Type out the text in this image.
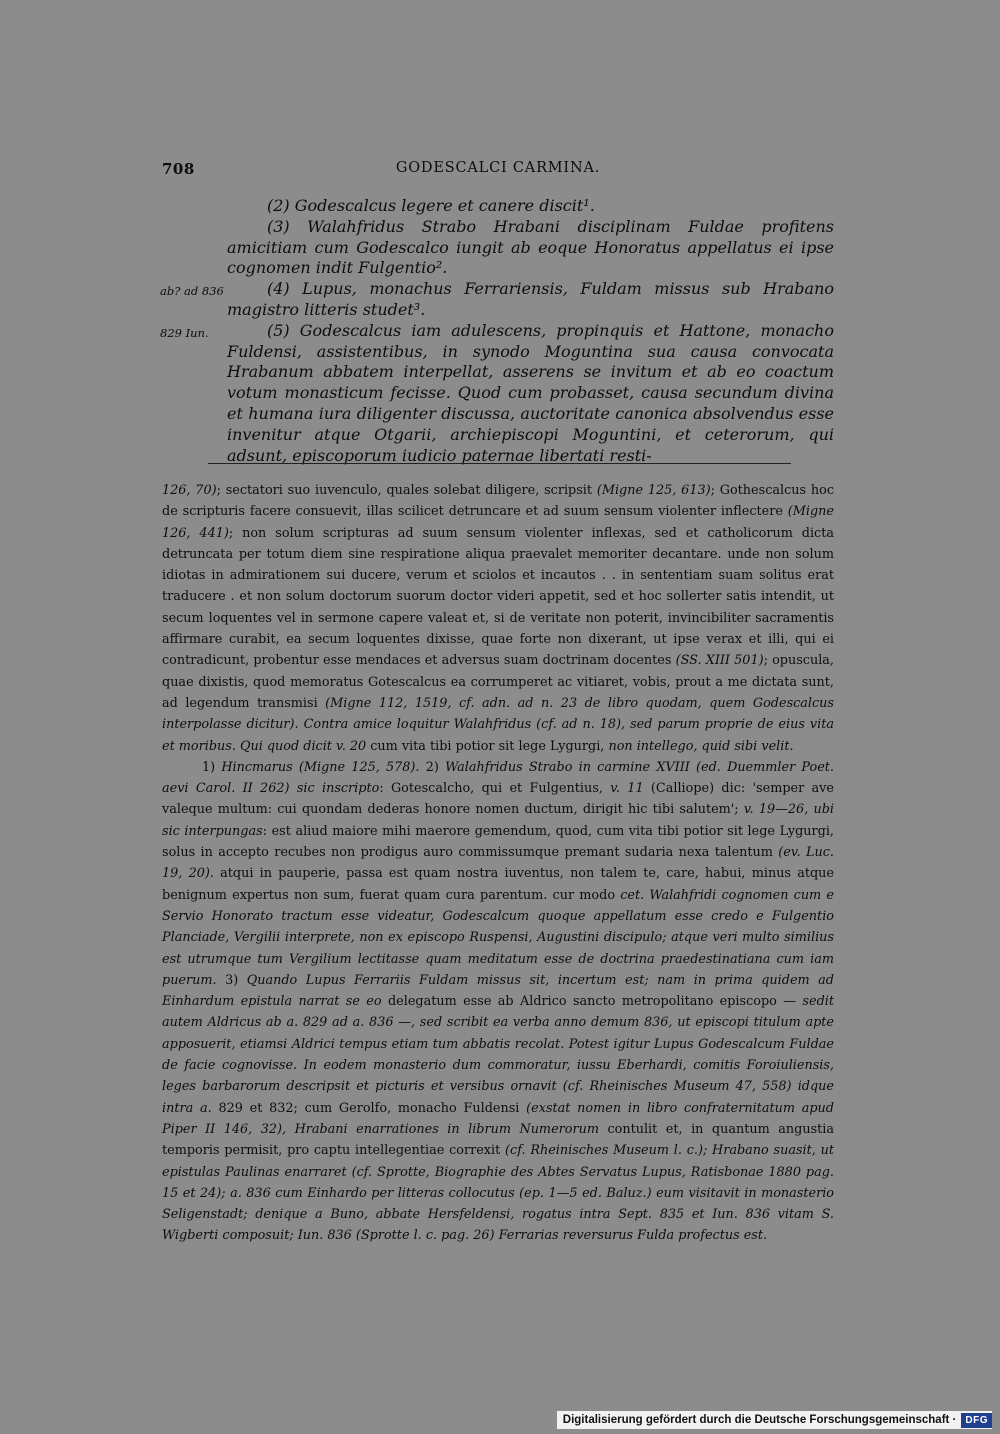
708	GODESCALCI CARMINA.
(2) Godescalcus legere et canere discit¹.
(3) Walahfridus Strabo Hrabani disciplinam Fuldae profitens amicitiam cum Godescalco iungit ab eoque Honoratus appellatus ei ipse cognomen indit Fulgentio².
ab? ad 836	(4) Lupus, monachus Ferrariensis, Fuldam missus sub Hrabano magistro litteris studet³.
829 Iun.	(5) Godescalcus iam adulescens, propinquis et Hattone, monacho Fuldensi, assistentibus, in synodo Moguntina sua causa convocata Hrabanum abbatem interpellat, asserens se invitum et ab eo coactum votum monasticum fecisse. Quod cum probasset, causa secundum divina et humana iura diligenter discussa, auctoritate canonica absolvendus esse invenitur atque Otgarii, archiepiscopi Moguntini, et ceterorum, qui adsunt, episcoporum iudicio paternae libertati resti-

126, 70); sectatori suo iuvenculo, quales solebat diligere, scripsit (Migne 125, 613); Gothescalcus hoc de scripturis facere consuevit, illas scilicet detruncare et ad suum sensum violenter inflectere (Migne 126, 441); non solum scripturas ad suum sensum violenter inflexas, sed et catholicorum dicta detruncata per totum diem sine respiratione aliqua praevalet memoriter decantare. unde non solum idiotas in admirationem sui ducere, verum et sciolos et incautos . . in sententiam suam solitus erat traducere . et non solum doctorum suorum doctor videri appetit, sed et hoc sollerter satis intendit, ut secum loquentes vel in sermone capere valeat et, si de veritate non poterit, invincibiliter sacramentis affirmare curabit, ea secum loquentes dixisse, quae forte non dixerant, ut ipse verax et illi, qui ei contradicunt, probentur esse mendaces et adversus suam doctrinam docentes (SS. XIII 501); opuscula, quae dixistis, quod memoratus Gotescalcus ea corrumperet ac vitiaret, vobis, prout a me dictata sunt, ad legendum transmisi (Migne 112, 1519, cf. adn. ad n. 23 de libro quodam, quem Godescalcus interpolasse dicitur). Contra amice loquitur Walahfridus (cf. ad n. 18), sed parum proprie de eius vita et moribus. Qui quod dicit v. 20 cum vita tibi potior sit lege Lygurgi, non intellego, quid sibi velit.

1) Hincmarus (Migne 125, 578). 2) Walahfridus Strabo in carmine XVIII (ed. Duemmler Poet. aevi Carol. II 262) sic inscripto: Gotescalcho, qui et Fulgentius, v. 11 (Calliope) dic: 'semper ave valeque multum: cui quondam dederas honore nomen ductum, dirigit hic tibi salutem'; v. 19—26, ubi sic interpungas: est aliud maiore mihi maerore gemendum, quod, cum vita tibi potior sit lege Lygurgi, solus in accepto recubes non prodigus auro commissumque premant sudaria nexa talentum (ev. Luc. 19, 20). atqui in pauperie, passa est quam nostra iuventus, non talem te, care, habui, minus atque benignum expertus non sum, fuerat quam cura parentum. cur modo cet. Walahfridi cognomen cum e Servio Honorato tractum esse videatur, Godescalcum quoque appellatum esse credo e Fulgentio Planciade, Vergilii interprete, non ex episcopo Ruspensi, Augustini discipulo; atque veri multo similius est utrumque tum Vergilium lectitasse quam meditatum esse de doctrina praedestinatiana cum iam puerum. 3) Quando Lupus Ferrariis Fuldam missus sit, incertum est; nam in prima quidem ad Einhardum epistula narrat se eo delegatum esse ab Aldrico sancto metropolitano episcopo — sedit autem Aldricus ab a. 829 ad a. 836 —, sed scribit ea verba anno demum 836, ut episcopi titulum apte apposuerit, etiamsi Aldrici tempus etiam tum abbatis recolat. Potest igitur Lupus Godescalcum Fuldae de facie cognovisse. In eodem monasterio dum commoratur, iussu Eberhardi, comitis Foroiuliensis, leges barbarorum descripsit et picturis et versibus ornavit (cf. Rheinisches Museum 47, 558) idque intra a. 829 et 832; cum Gerolfo, monacho Fuldensi (exstat nomen in libro confraternitatum apud Piper II 146, 32), Hrabani enarrationes in librum Numerorum contulit et, in quantum angustia temporis permisit, pro captu intellegentiae correxit (cf. Rheinisches Museum l. c.); Hrabano suasit, ut epistulas Paulinas enarraret (cf. Sprotte, Biographie des Abtes Servatus Lupus, Ratisbonae 1880 pag. 15 et 24); a. 836 cum Einhardo per litteras collocutus (ep. 1—5 ed. Baluz.) eum visitavit in monasterio Seligenstadt; denique a Buno, abbate Hersfeldensi, rogatus intra Sept. 835 et Iun. 836 vitam S. Wigberti composuit; Iun. 836 (Sprotte l. c. pag. 26) Ferrarias reversurus Fulda profectus est.

Digitalisierung gefördert durch die Deutsche Forschungsgemeinschaft · DFG
